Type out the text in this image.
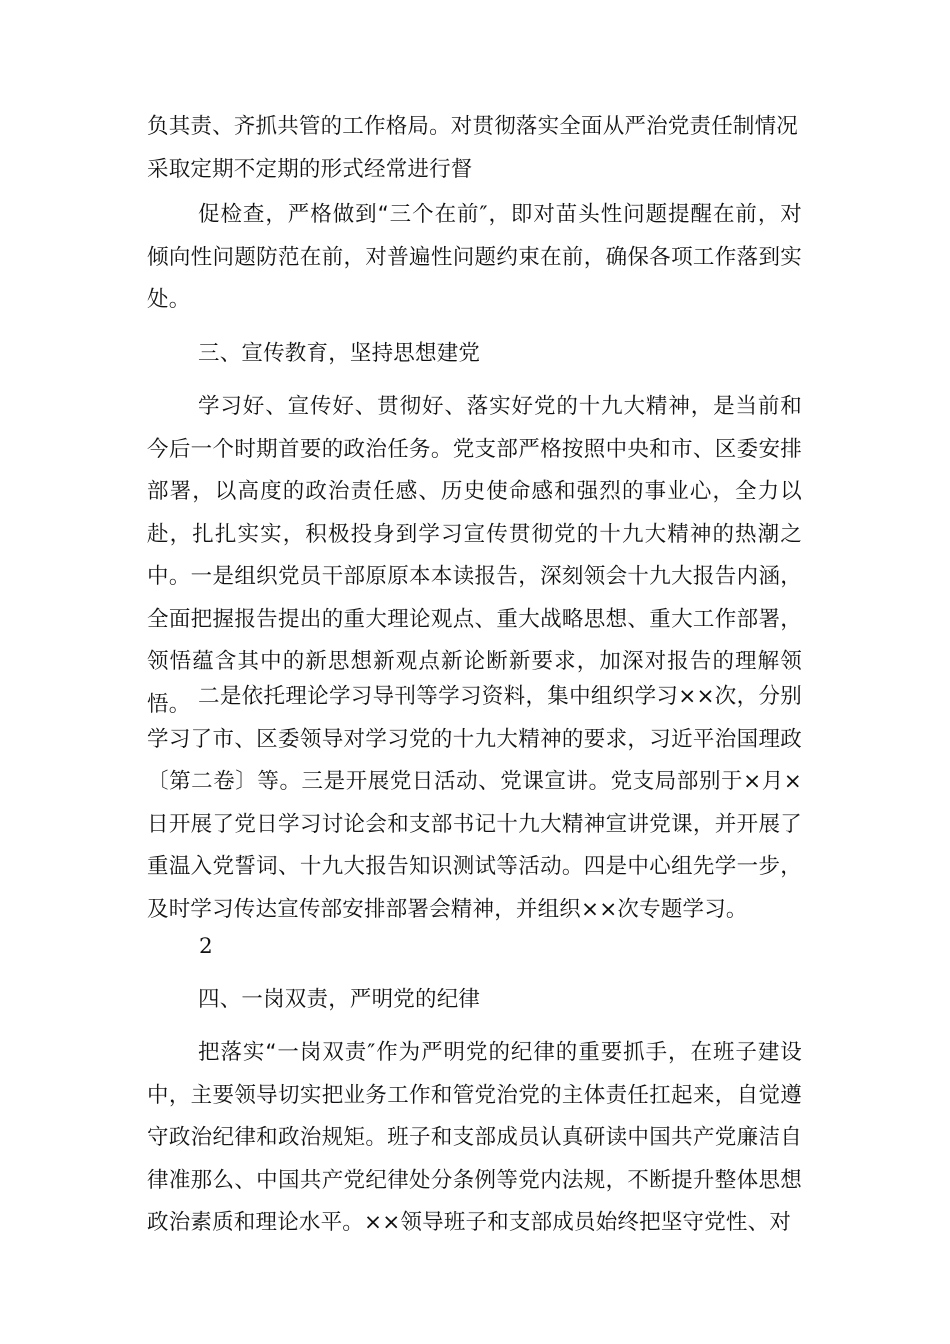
负其责、齐抓共管的工作格局。对贯彻落实全面从严治党责任制情况

采取定期不定期的形式经常进行督

促检查，严格做到“三个在前″，即对苗头性问题提醒在前，对倾向性问题防范在前，对普遍性问题约束在前，确保各项工作落到实处。

三、宣传教育，坚持思想建党

学习好、宣传好、贯彻好、落实好党的十九大精神，是当前和今后一个时期首要的政治任务。党支部严格按照中央和市、区委安排部署，以高度的政治责任感、历史使命感和强烈的事业心，全力以赴，扎扎实实，积极投身到学习宣传贯彻党的十九大精神的热潮之中。一是组织党员干部原原本本读报告，深刻领会十九大报告内涵，全面把握报告提出的重大理论观点、重大战略思想、重大工作部署，领悟蕴含其中的新思想新观点新论断新要求，加深对报告的理解领悟。 二是依托理论学习导刊等学习资料，集中组织学习××次，分别学习了市、区委领导对学习党的十九大精神的要求，习近平治国理政〔第二卷〕等。三是开展党日活动、党课宣讲。党支局部别于×月×日开展了党日学习讨论会和支部书记十九大精神宣讲党课，并开展了重温入党誓词、十九大报告知识测试等活动。四是中心组先学一步，及时学习传达宣传部安排部署会精神，并组织××次专题学习。

2

四、一岗双责，严明党的纪律

把落实“一岗双责″作为严明党的纪律的重要抓手，在班子建设中，主要领导切实把业务工作和管党治党的主体责任扛起来，自觉遵守政治纪律和政治规矩。班子和支部成员认真研读中国共产党廉洁自律准那么、中国共产党纪律处分条例等党内法规，不断提升整体思想政治素质和理论水平。××领导班子和支部成员始终把坚守党性、对
